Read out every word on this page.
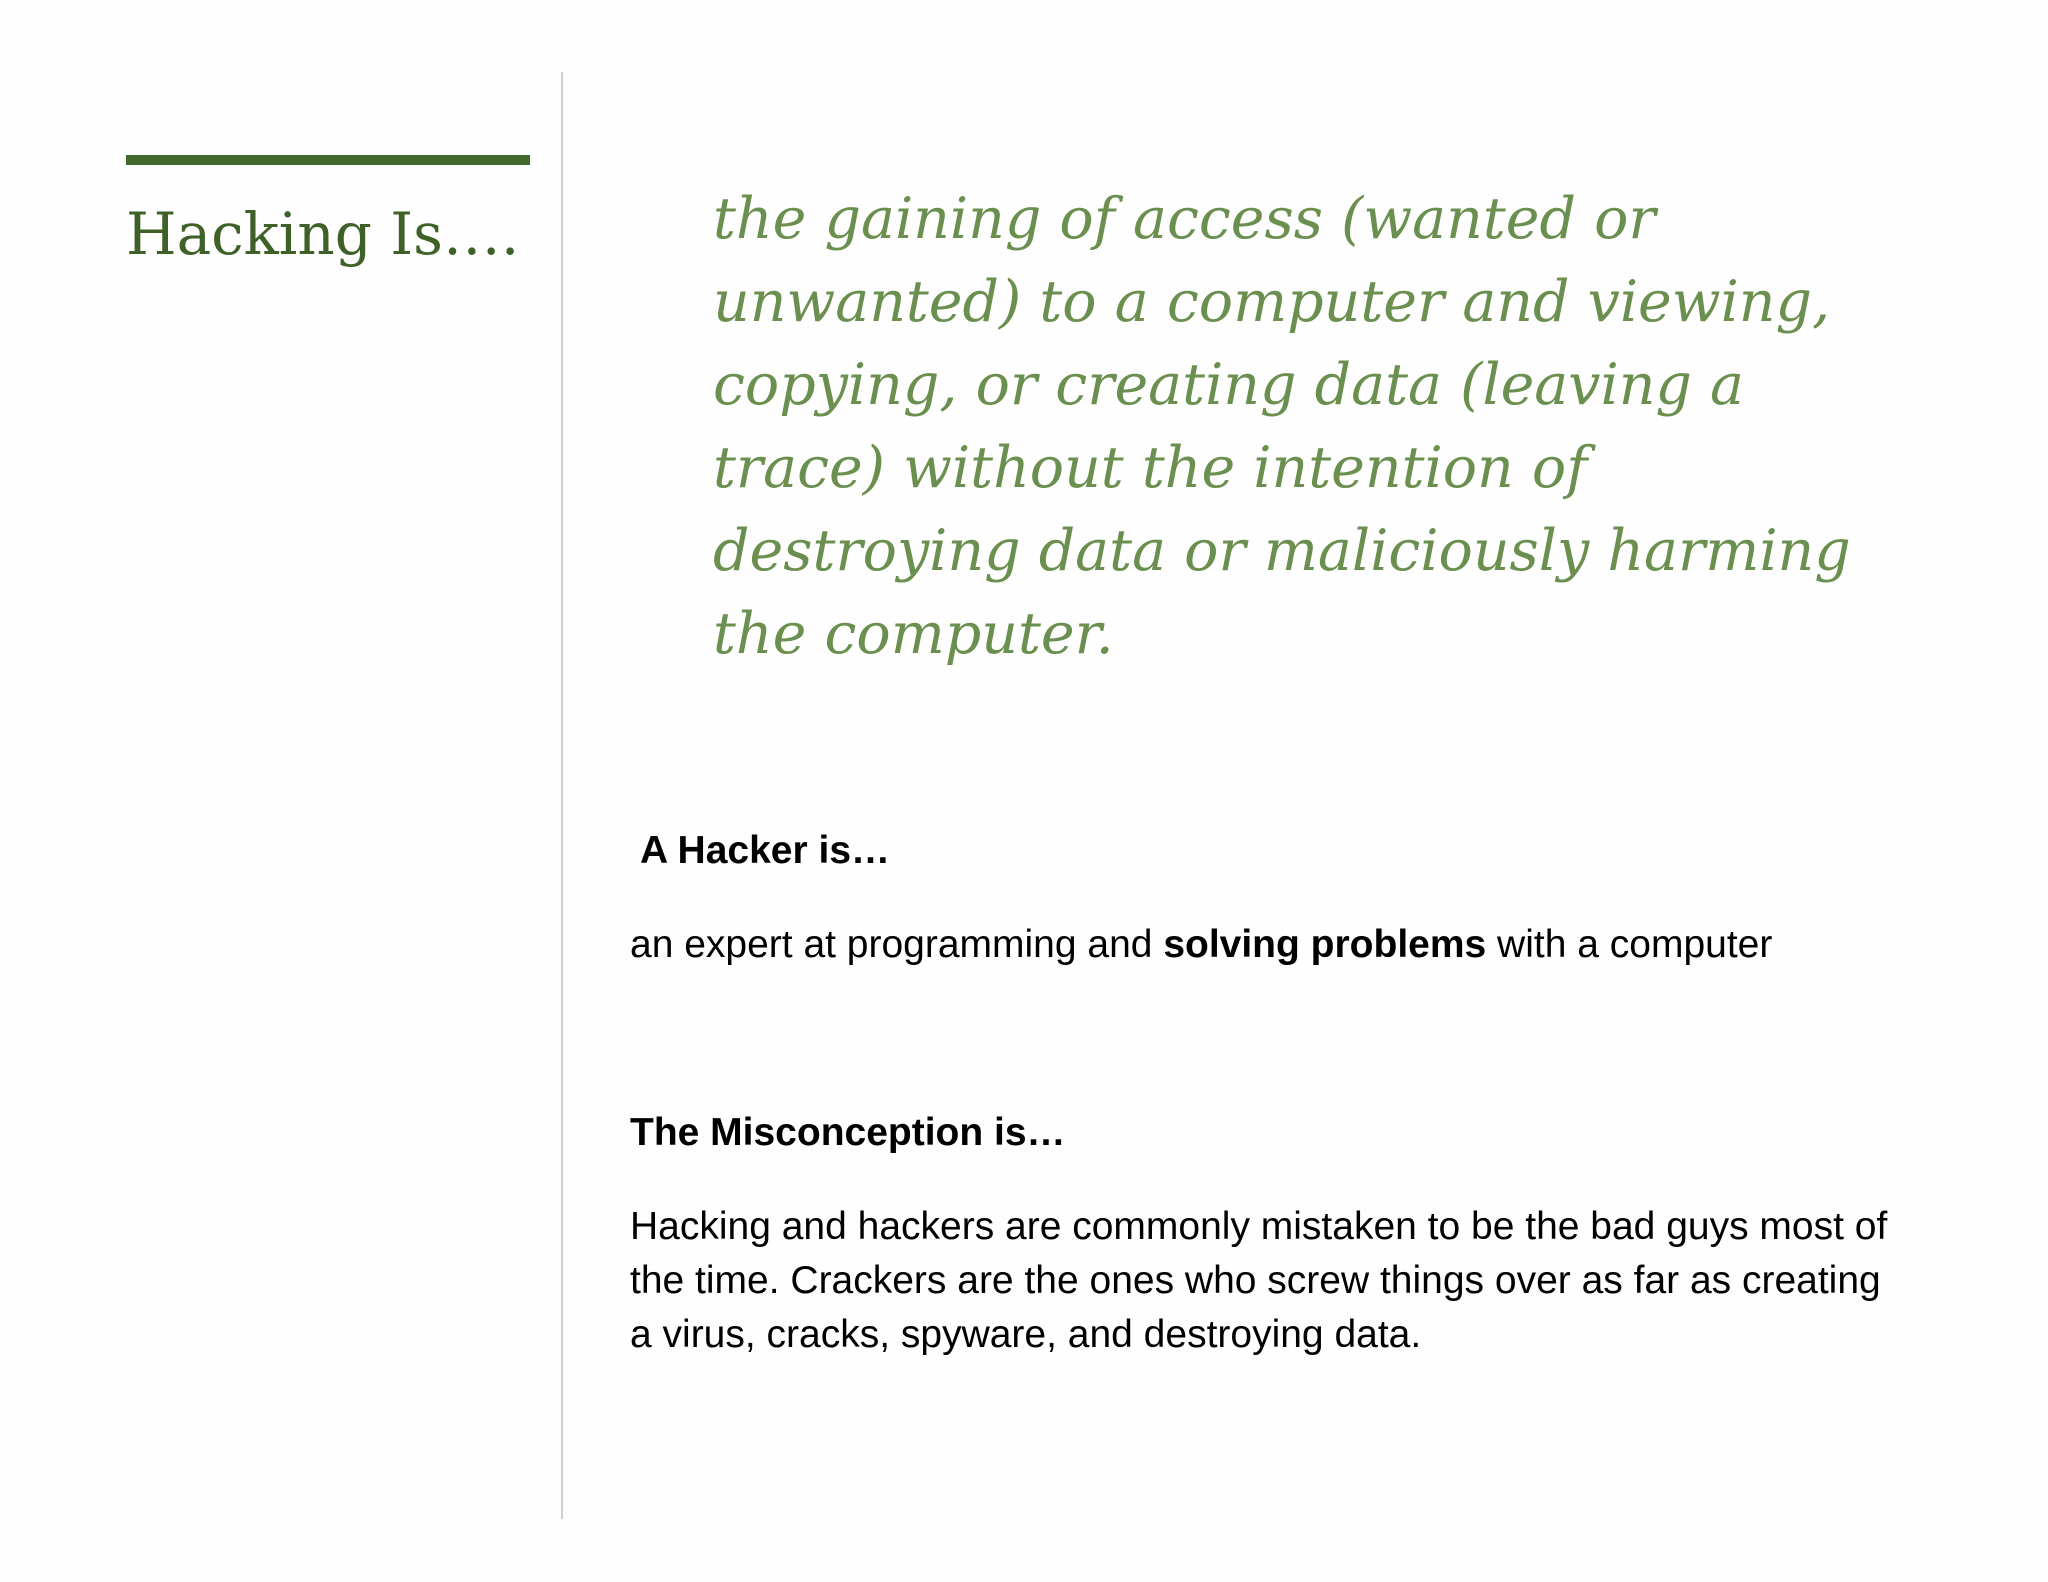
Hacking Is….	the gaining of access (wanted or unwanted) to a computer and viewing, copying, or creating data (leaving a trace) without the intention of destroying data or maliciously harming the computer.

A Hacker is…

an expert at programming and solving problems with a computer

The Misconception is…

Hacking and hackers are commonly mistaken to be the bad guys most of the time. Crackers are the ones who screw things over as far as creating a virus, cracks, spyware, and destroying data.
